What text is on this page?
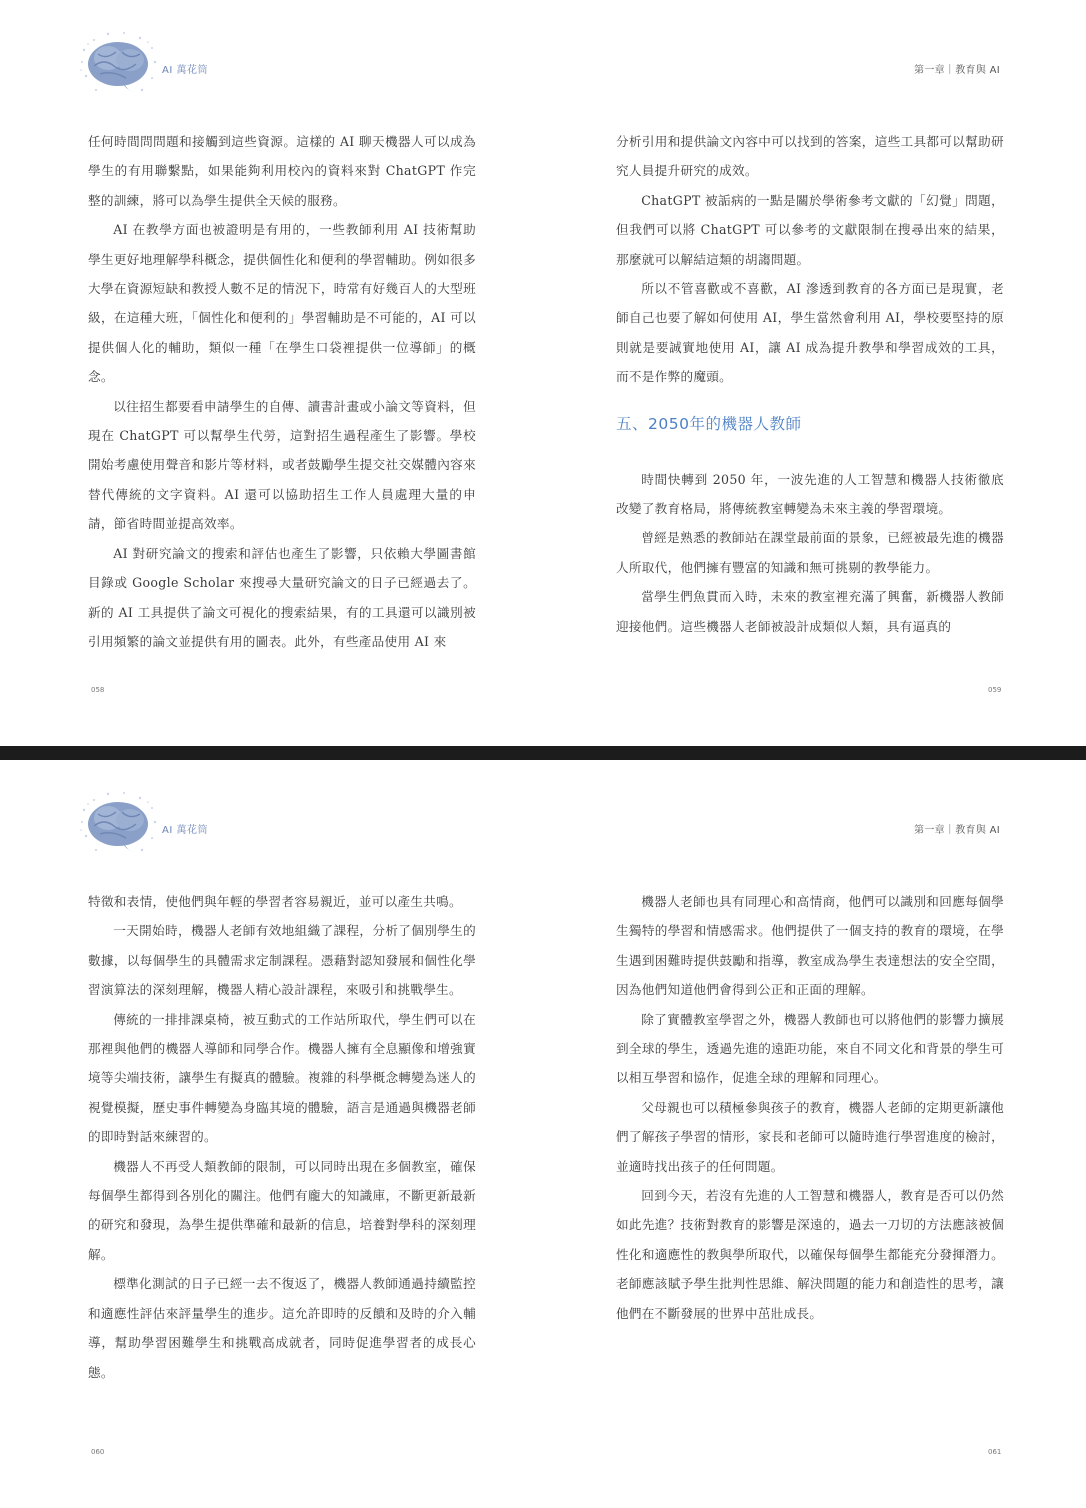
AI 萬花筒	第一章｜教育與 AI

任何時間問問題和接觸到這些資源。這樣的 AI 聊天機器人可以成為學生的有用聯繫點，如果能夠利用校內的資料來對 ChatGPT 作完整的訓練，將可以為學生提供全天候的服務。

AI 在教學方面也被證明是有用的，一些教師利用 AI 技術幫助學生更好地理解學科概念，提供個性化和便利的學習輔助。例如很多大學在資源短缺和教授人數不足的情況下，時常有好幾百人的大型班級，在這種大班，「個性化和便利的」學習輔助是不可能的，AI 可以提供個人化的輔助，類似一種「在學生口袋裡提供一位導師」的概念。

以往招生都要看申請學生的自傳、讀書計畫或小論文等資料，但現在 ChatGPT 可以幫學生代勞，這對招生過程產生了影響。學校開始考慮使用聲音和影片等材料，或者鼓勵學生提交社交媒體內容來替代傳統的文字資料。AI 還可以協助招生工作人員處理大量的申請，節省時間並提高效率。

AI 對研究論文的搜索和評估也產生了影響，只依賴大學圖書館目錄或 Google Scholar 來搜尋大量研究論文的日子已經過去了。新的 AI 工具提供了論文可視化的搜索結果，有的工具還可以識別被引用頻繁的論文並提供有用的圖表。此外，有些產品使用 AI 來

分析引用和提供論文內容中可以找到的答案，這些工具都可以幫助研究人員提升研究的成效。

ChatGPT 被詬病的一點是關於學術參考文獻的「幻覺」問題，但我們可以將 ChatGPT 可以參考的文獻限制在搜尋出來的結果，那麼就可以解結這類的胡謅問題。

所以不管喜歡或不喜歡，AI 滲透到教育的各方面已是現實，老師自己也要了解如何使用 AI，學生當然會利用 AI，學校要堅持的原則就是要誠實地使用 AI，讓 AI 成為提升教學和學習成效的工具，而不是作弊的魔頭。

五、2050年的機器人教師

時間快轉到 2050 年，一波先進的人工智慧和機器人技術徹底改變了教育格局，將傳統教室轉變為未來主義的學習環境。

曾經是熟悉的教師站在課堂最前面的景象，已經被最先進的機器人所取代，他們擁有豐富的知識和無可挑剔的教學能力。

當學生們魚貫而入時，未來的教室裡充滿了興奮，新機器人教師迎接他們。這些機器人老師被設計成類似人類，具有逼真的

058	059
AI 萬花筒	第一章｜教育與 AI

特徵和表情，使他們與年輕的學習者容易親近，並可以產生共鳴。

一天開始時，機器人老師有效地組織了課程，分析了個別學生的數據，以每個學生的具體需求定制課程。憑藉對認知發展和個性化學習演算法的深刻理解，機器人精心設計課程，來吸引和挑戰學生。

傳統的一排排課桌椅，被互動式的工作站所取代，學生們可以在那裡與他們的機器人導師和同學合作。機器人擁有全息顯像和增強實境等尖端技術，讓學生有擬真的體驗。複雜的科學概念轉變為迷人的視覺模擬，歷史事件轉變為身臨其境的體驗，語言是通過與機器老師的即時對話來練習的。

機器人不再受人類教師的限制，可以同時出現在多個教室，確保每個學生都得到各別化的關注。他們有龐大的知識庫，不斷更新最新的研究和發現，為學生提供準確和最新的信息，培養對學科的深刻理解。

標準化測試的日子已經一去不復返了，機器人教師通過持續監控和適應性評估來評量學生的進步。這允許即時的反饋和及時的介入輔導，幫助學習困難學生和挑戰高成就者，同時促進學習者的成長心態。

機器人老師也具有同理心和高情商，他們可以識別和回應每個學生獨特的學習和情感需求。他們提供了一個支持的教育的環境，在學生遇到困難時提供鼓勵和指導，教室成為學生表達想法的安全空間，因為他們知道他們會得到公正和正面的理解。

除了實體教室學習之外，機器人教師也可以將他們的影響力擴展到全球的學生，透過先進的遠距功能，來自不同文化和背景的學生可以相互學習和協作，促進全球的理解和同理心。

父母親也可以積極參與孩子的教育，機器人老師的定期更新讓他們了解孩子學習的情形，家長和老師可以隨時進行學習進度的檢討，並適時找出孩子的任何問題。

回到今天，若沒有先進的人工智慧和機器人，教育是否可以仍然如此先進？技術對教育的影響是深遠的，過去一刀切的方法應該被個性化和適應性的教與學所取代，以確保每個學生都能充分發揮潛力。老師應該賦予學生批判性思維、解決問題的能力和創造性的思考，讓他們在不斷發展的世界中茁壯成長。

060	061
